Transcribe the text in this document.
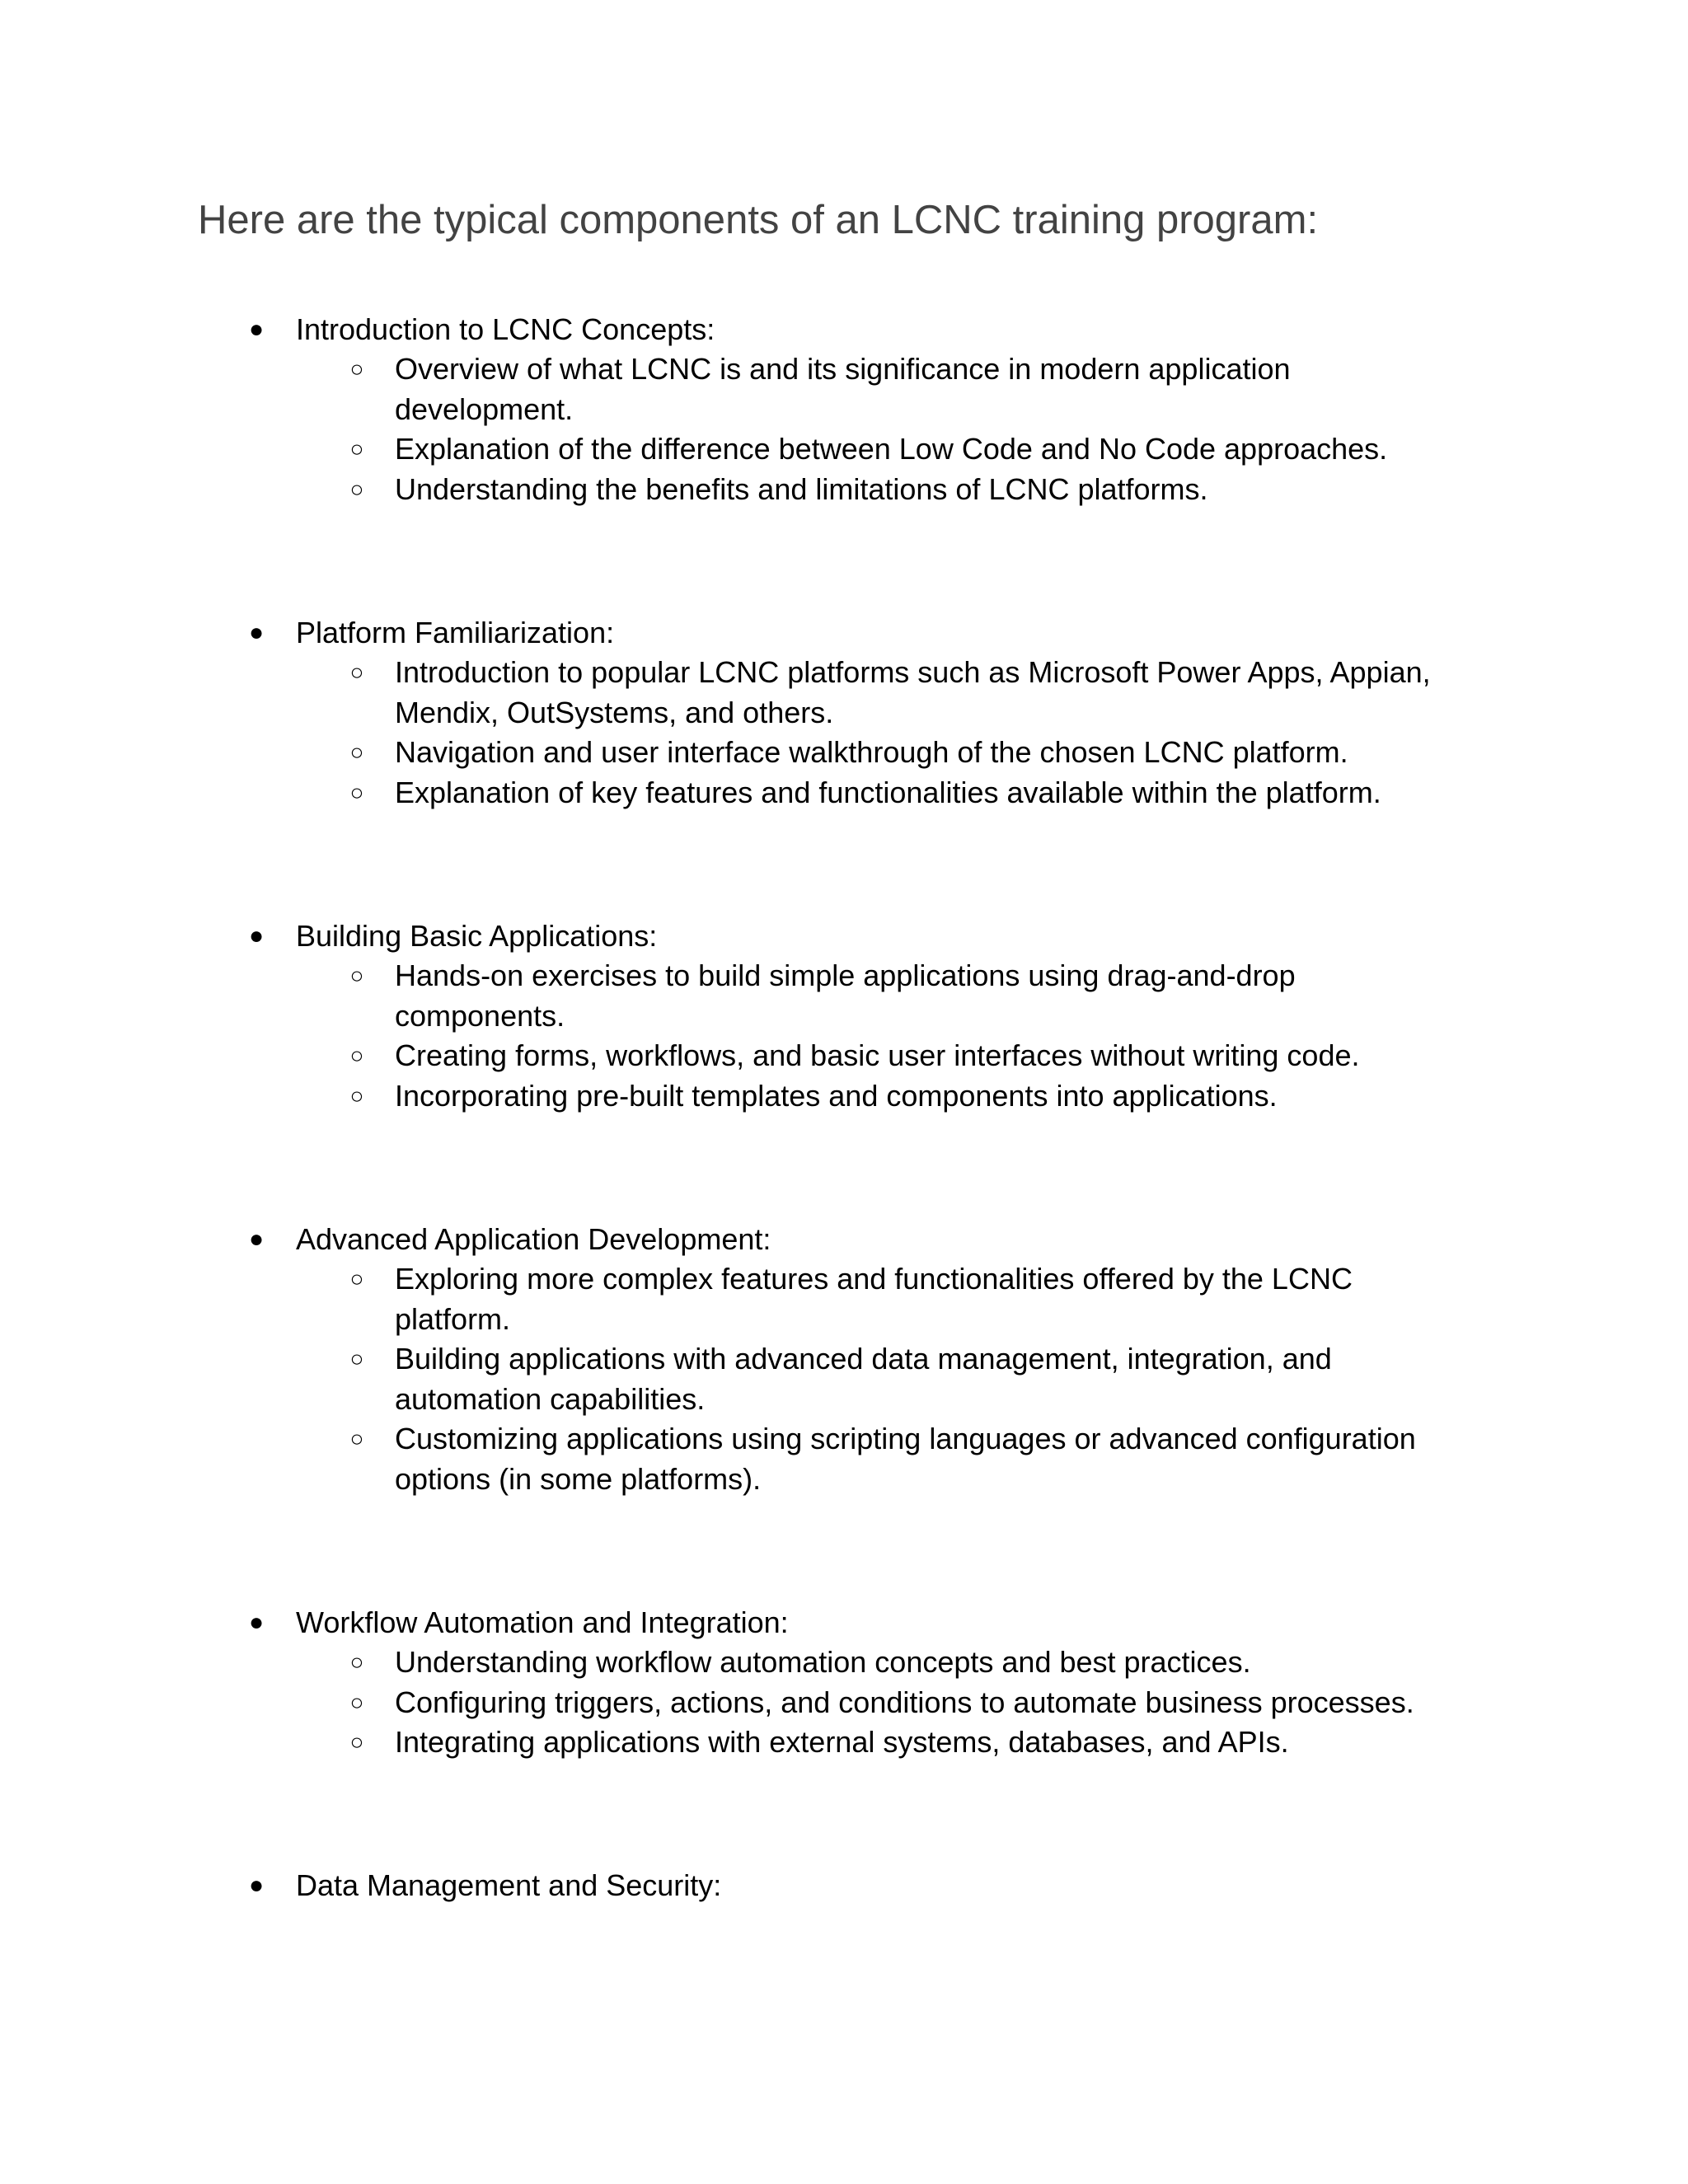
Here are the typical components of an LCNC training program:
● Introduction to LCNC Concepts:
○ Overview of what LCNC is and its significance in modern application development.
○ Explanation of the difference between Low Code and No Code approaches.
○ Understanding the benefits and limitations of LCNC platforms.
● Platform Familiarization:
○ Introduction to popular LCNC platforms such as Microsoft Power Apps, Appian, Mendix, OutSystems, and others.
○ Navigation and user interface walkthrough of the chosen LCNC platform.
○ Explanation of key features and functionalities available within the platform.
● Building Basic Applications:
○ Hands-on exercises to build simple applications using drag-and-drop components.
○ Creating forms, workflows, and basic user interfaces without writing code.
○ Incorporating pre-built templates and components into applications.
● Advanced Application Development:
○ Exploring more complex features and functionalities offered by the LCNC platform.
○ Building applications with advanced data management, integration, and automation capabilities.
○ Customizing applications using scripting languages or advanced configuration options (in some platforms).
● Workflow Automation and Integration:
○ Understanding workflow automation concepts and best practices.
○ Configuring triggers, actions, and conditions to automate business processes.
○ Integrating applications with external systems, databases, and APIs.
● Data Management and Security:
